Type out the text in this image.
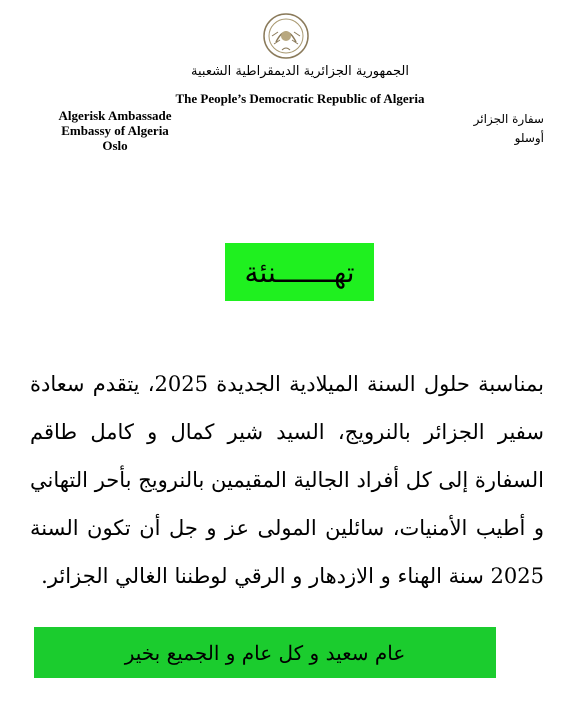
الجمهورية الجزائرية الديمقراطية الشعبية
The People’s Democratic Republic of Algeria
Algerisk Ambassade
Embassy of Algeria
Oslo
سفارة الجزائر
أوسلو
تهـــــــنئة
بمناسبة حلول السنة الميلادية الجديدة 2025، يتقدم سعادة سفير الجزائر بالنرويج، السيد شير كمال و كامل طاقم السفارة إلى كل أفراد الجالية المقيمين بالنرويج بأحر التهاني و أطيب الأمنيات، سائلين المولى عز و جل أن تكون السنة 2025 سنة الهناء و الازدهار و الرقي لوطننا الغالي الجزائر.
عام سعيد و كل عام و الجميع بخير
